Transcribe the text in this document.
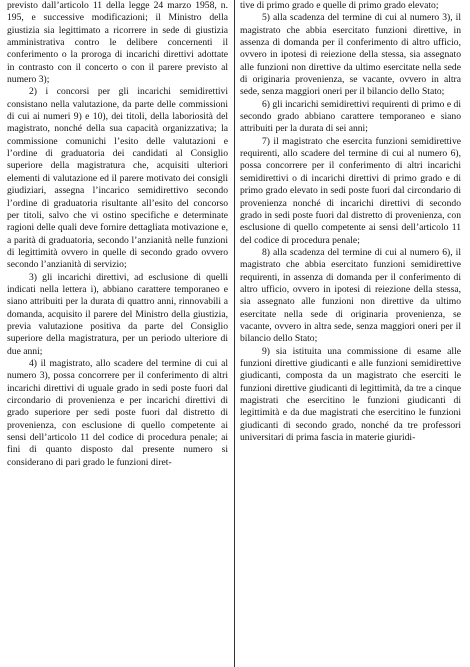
previsto dall’articolo 11 della legge 24 marzo 1958, n. 195, e successive modificazioni; il Ministro della giustizia sia legittimato a ricorrere in sede di giustizia amministrativa contro le delibere concernenti il conferimento o la proroga di incarichi direttivi adottate in contrasto con il concerto o con il parere previsto al numero 3);

2) i concorsi per gli incarichi semidirettivi consistano nella valutazione, da parte delle commissioni di cui ai numeri 9) e 10), dei titoli, della laboriosità del magistrato, nonché della sua capacità organizzativa; la commissione comunichi l’esito delle valutazioni e l’ordine di graduatoria dei candidati al Consiglio superiore della magistratura che, acquisiti ulteriori elementi di valutazione ed il parere motivato dei consigli giudiziari, assegna l’incarico semidirettivo secondo l’ordine di graduatoria risultante all’esito del concorso per titoli, salvo che vi ostino specifiche e determinate ragioni delle quali deve fornire dettagliata motivazione e, a parità di graduatoria, secondo l’anzianità nelle funzioni di legittimità ovvero in quelle di secondo grado ovvero secondo l’anzianità di servizio;

3) gli incarichi direttivi, ad esclusione di quelli indicati nella lettera i), abbiano carattere temporaneo e siano attribuiti per la durata di quattro anni, rinnovabili a domanda, acquisito il parere del Ministro della giustizia, previa valutazione positiva da parte del Consiglio superiore della magistratura, per un periodo ulteriore di due anni;

4) il magistrato, allo scadere del termine di cui al numero 3), possa concorrere per il conferimento di altri incarichi direttivi di uguale grado in sedi poste fuori dal circondario di provenienza e per incarichi direttivi di grado superiore per sedi poste fuori dal distretto di provenienza, con esclusione di quello competente ai sensi dell’articolo 11 del codice di procedura penale; ai fini di quanto disposto dal presente numero si considerano di pari grado le funzioni diret-

tive di primo grado e quelle di primo grado elevato;

5) alla scadenza del termine di cui al numero 3), il magistrato che abbia esercitato funzioni direttive, in assenza di domanda per il conferimento di altro ufficio, ovvero in ipotesi di reiezione della stessa, sia assegnato alle funzioni non direttive da ultimo esercitate nella sede di originaria provenienza, se vacante, ovvero in altra sede, senza maggiori oneri per il bilancio dello Stato;

6) gli incarichi semidirettivi requirenti di primo e di secondo grado abbiano carattere temporaneo e siano attribuiti per la durata di sei anni;

7) il magistrato che esercita funzioni semidirettive requirenti, allo scadere del termine di cui al numero 6), possa concorrere per il conferimento di altri incarichi semidirettivi o di incarichi direttivi di primo grado e di primo grado elevato in sedi poste fuori dal circondario di provenienza nonché di incarichi direttivi di secondo grado in sedi poste fuori dal distretto di provenienza, con esclusione di quello competente ai sensi dell’articolo 11 del codice di procedura penale;

8) alla scadenza del termine di cui al numero 6), il magistrato che abbia esercitato funzioni semidirettive requirenti, in assenza di domanda per il conferimento di altro ufficio, ovvero in ipotesi di reiezione della stessa, sia assegnato alle funzioni non direttive da ultimo esercitate nella sede di originaria provenienza, se vacante, ovvero in altra sede, senza maggiori oneri per il bilancio dello Stato;

9) sia istituita una commissione di esame alle funzioni direttive giudicanti e alle funzioni semidirettive giudicanti, composta da un magistrato che eserciti le funzioni direttive giudicanti di legittimità, da tre a cinque magistrati che esercitino le funzioni giudicanti di legittimità e da due magistrati che esercitino le funzioni giudicanti di secondo grado, nonché da tre professori universitari di prima fascia in materie giuridi-
